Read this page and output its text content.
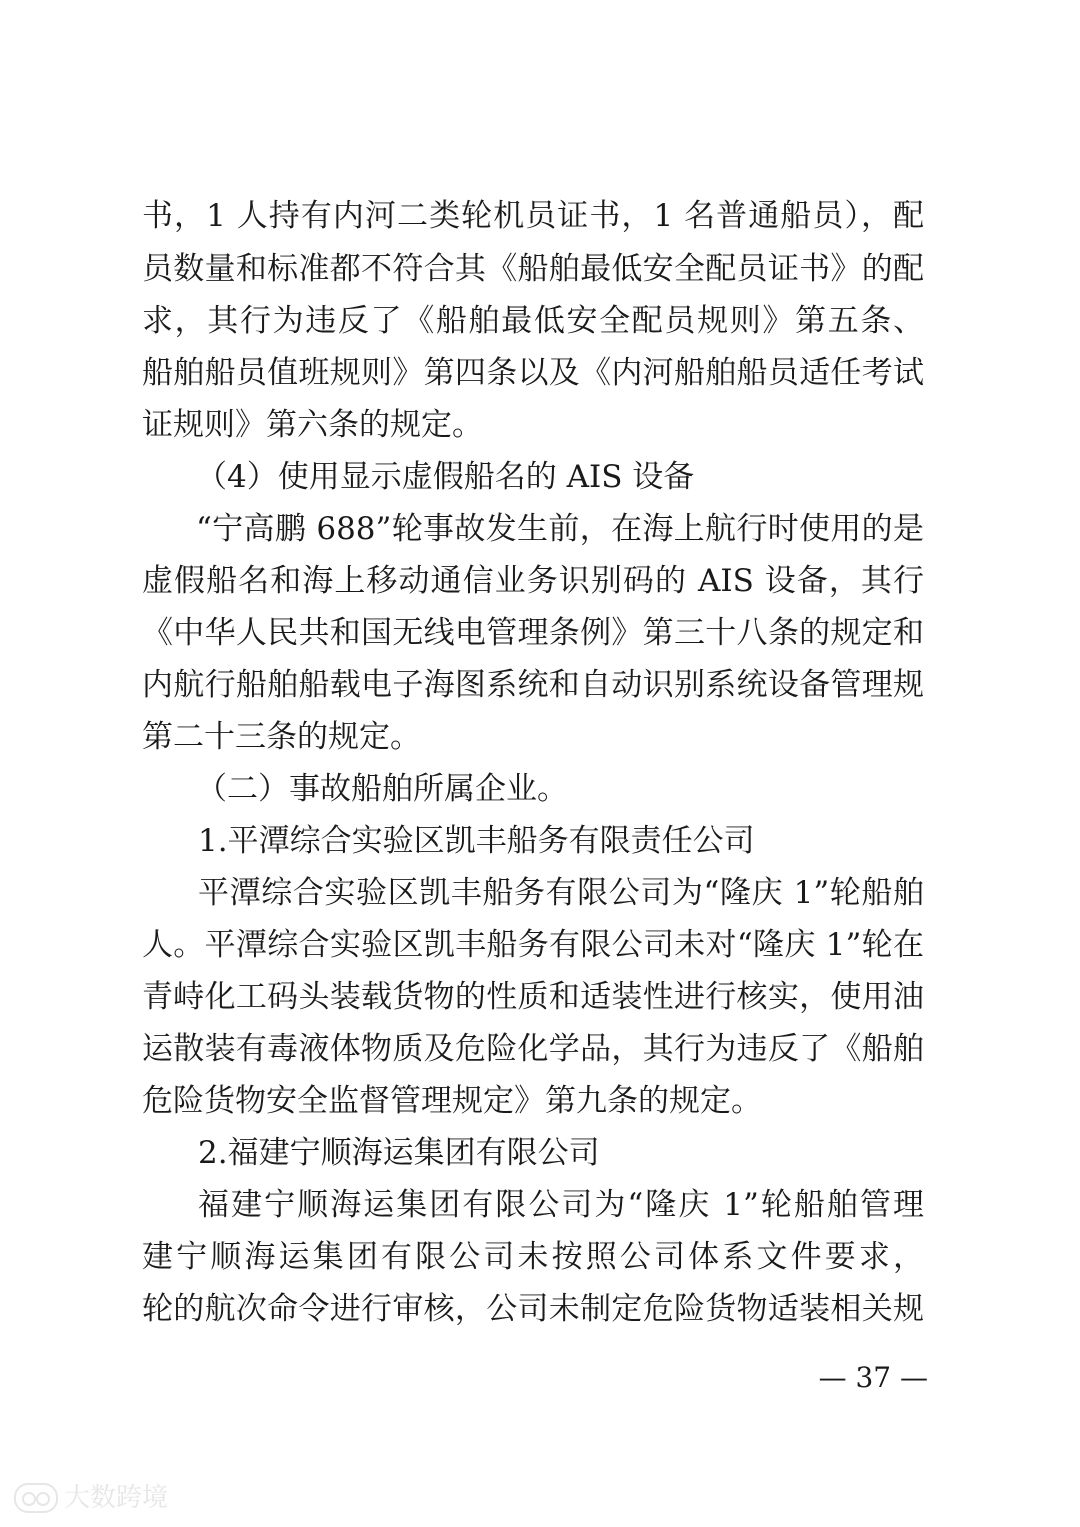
书，1 人持有内河二类轮机员证书，1 名普通船员），配
员数量和标准都不符合其《船舶最低安全配员证书》的配
求，其行为违反了《船舶最低安全配员规则》第五条、
船舶船员值班规则》第四条以及《内河船舶船员适任考试
证规则》第六条的规定。
（4）使用显示虚假船名的 AIS 设备
“宁高鹏 688”轮事故发生前，在海上航行时使用的是
虚假船名和海上移动通信业务识别码的 AIS 设备，其行
《中华人民共和国无线电管理条例》第三十八条的规定和
内航行船舶船载电子海图系统和自动识别系统设备管理规
第二十三条的规定。
（二）事故船舶所属企业。
1.平潭综合实验区凯丰船务有限责任公司
平潭综合实验区凯丰船务有限公司为“隆庆 1”轮船舶
人。平潭综合实验区凯丰船务有限公司未对“隆庆 1”轮在
青峙化工码头装载货物的性质和适装性进行核实，使用油
运散装有毒液体物质及危险化学品，其行为违反了《船舶
危险货物安全监督管理规定》第九条的规定。
2.福建宁顺海运集团有限公司
福建宁顺海运集团有限公司为“隆庆 1”轮船舶管理
建宁顺海运集团有限公司未按照公司体系文件要求，
轮的航次命令进行审核，公司未制定危险货物适装相关规
— 37 —
大数跨境
